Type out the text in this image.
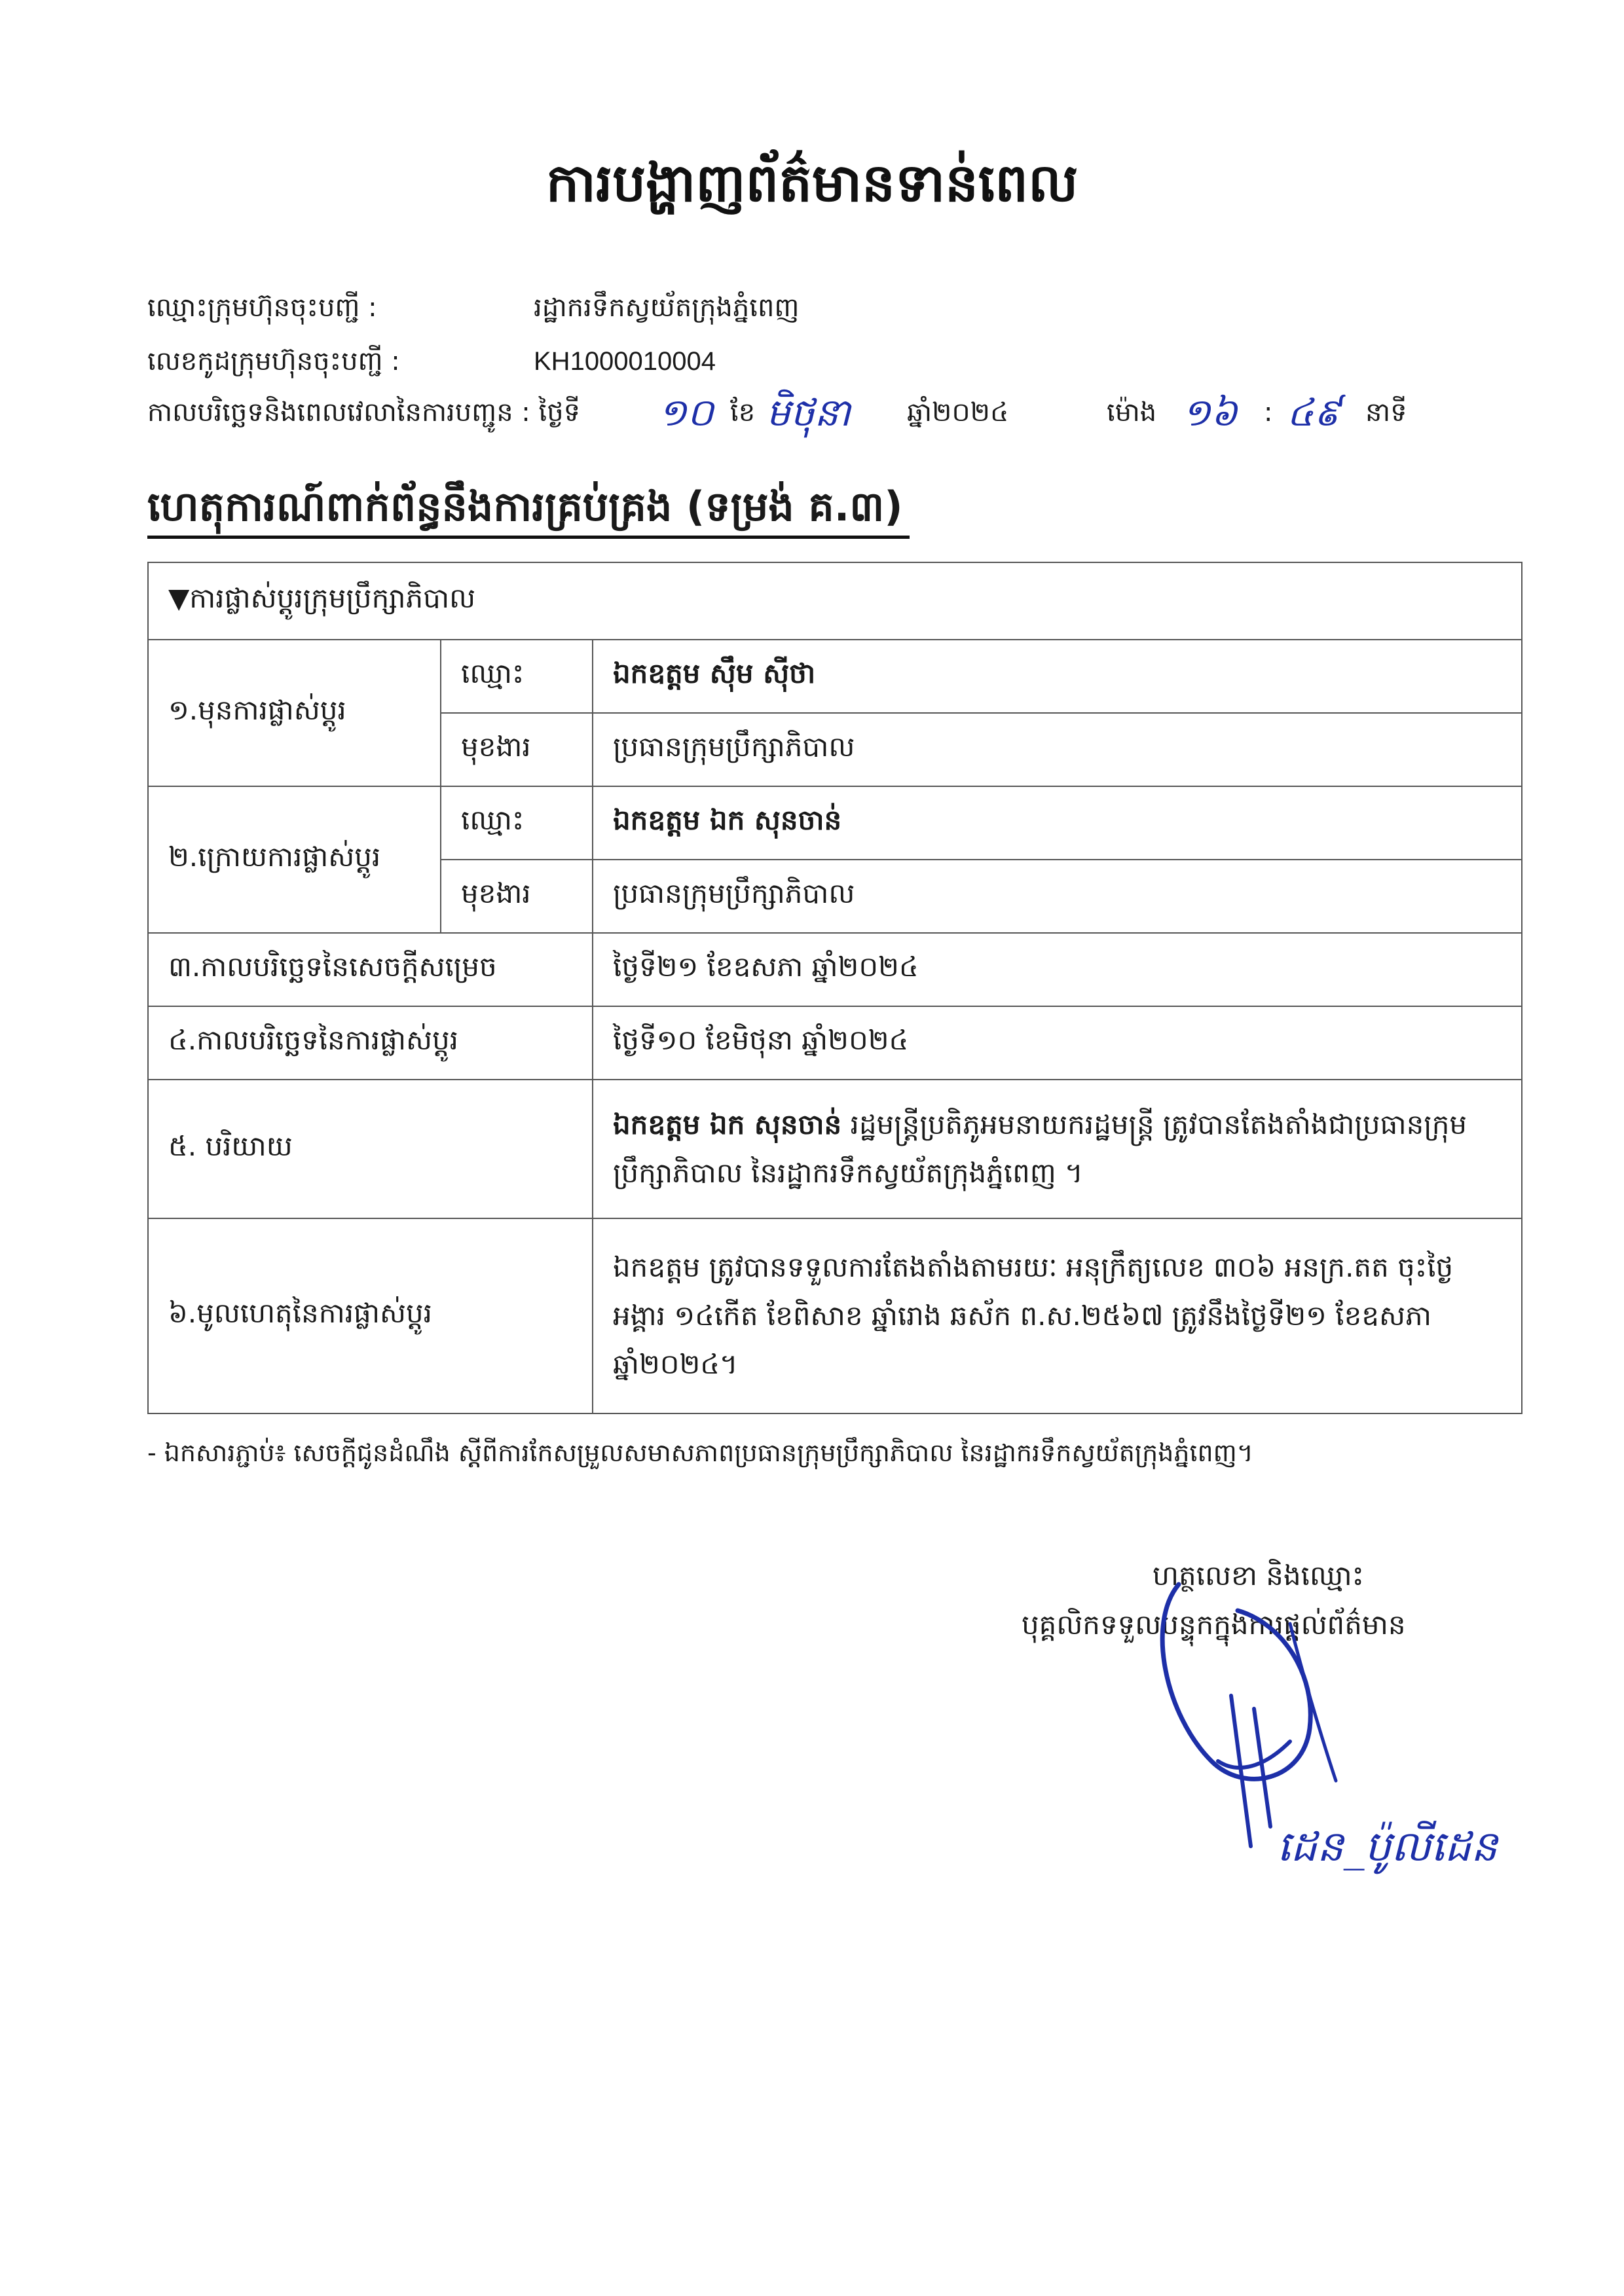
ការបង្ហាញព័ត៌មានទាន់ពេល
ឈ្មោះក្រុមហ៊ុនចុះបញ្ជី :	រដ្ឋាករទឹកស្វយ័តក្រុងភ្នំពេញ
លេខកូដក្រុមហ៊ុនចុះបញ្ជី :	KH1000010004
កាលបរិច្ឆេទនិងពេលវេលានៃការបញ្ជូន : ថ្ងៃទី ១០ ខែ មិថុនា ឆ្នាំ២០២៤	ម៉ោង ១៦ : ៤៩ នាទី
ហេតុការណ៍ពាក់ព័ន្ធនឹងការគ្រប់គ្រង (ទម្រង់ គ.៣)
▼ការផ្លាស់ប្តូរក្រុមប្រឹក្សាភិបាល		
១.មុនការផ្លាស់ប្តូរ	ឈ្មោះ	ឯកឧត្តម ស៊ឹម ស៊ីថា
	មុខងារ	ប្រធានក្រុមប្រឹក្សាភិបាល
២.ក្រោយការផ្លាស់ប្តូរ	ឈ្មោះ	ឯកឧត្តម ឯក សុនចាន់
	មុខងារ	ប្រធានក្រុមប្រឹក្សាភិបាល
៣.កាលបរិច្ឆេទនៃសេចក្តីសម្រេច		ថ្ងៃទី២១ ខែឧសភា ឆ្នាំ២០២៤
៤.កាលបរិច្ឆេទនៃការផ្លាស់ប្តូរ		ថ្ងៃទី១០ ខែមិថុនា ឆ្នាំ២០២៤
៥. បរិយាយ		ឯកឧត្តម ឯក សុនចាន់ រដ្ឋមន្ត្រីប្រតិភូអមនាយករដ្ឋមន្ត្រី ត្រូវបានតែងតាំងជាប្រធានក្រុមប្រឹក្សាភិបាល នៃរដ្ឋាករទឹកស្វយ័តក្រុងភ្នំពេញ ។
៦.មូលហេតុនៃការផ្លាស់ប្តូរ		ឯកឧត្តម ត្រូវបានទទួលការតែងតាំងតាមរយៈ អនុក្រឹត្យលេខ ៣០៦ អនក្រ.តត ចុះថ្ងៃអង្គារ ១៤កើត ខែពិសាខ ឆ្នាំរោង ឆស័ក ព.ស.២៥៦៧ ត្រូវនឹងថ្ងៃទី២១ ខែឧសភា ឆ្នាំ២០២៤។
- ឯកសារភ្ជាប់៖ សេចក្តីជូនដំណឹង ស្តីពីការកែសម្រួលសមាសភាពប្រធានក្រុមប្រឹក្សាភិបាល នៃរដ្ឋាករទឹកស្វយ័តក្រុងភ្នំពេញ។
ហត្ថលេខា និងឈ្មោះ
បុគ្គលិកទទួលបន្ទុកក្នុងការផ្តល់ព័ត៌មាន
ដេន_ប៉ូលីដេន
